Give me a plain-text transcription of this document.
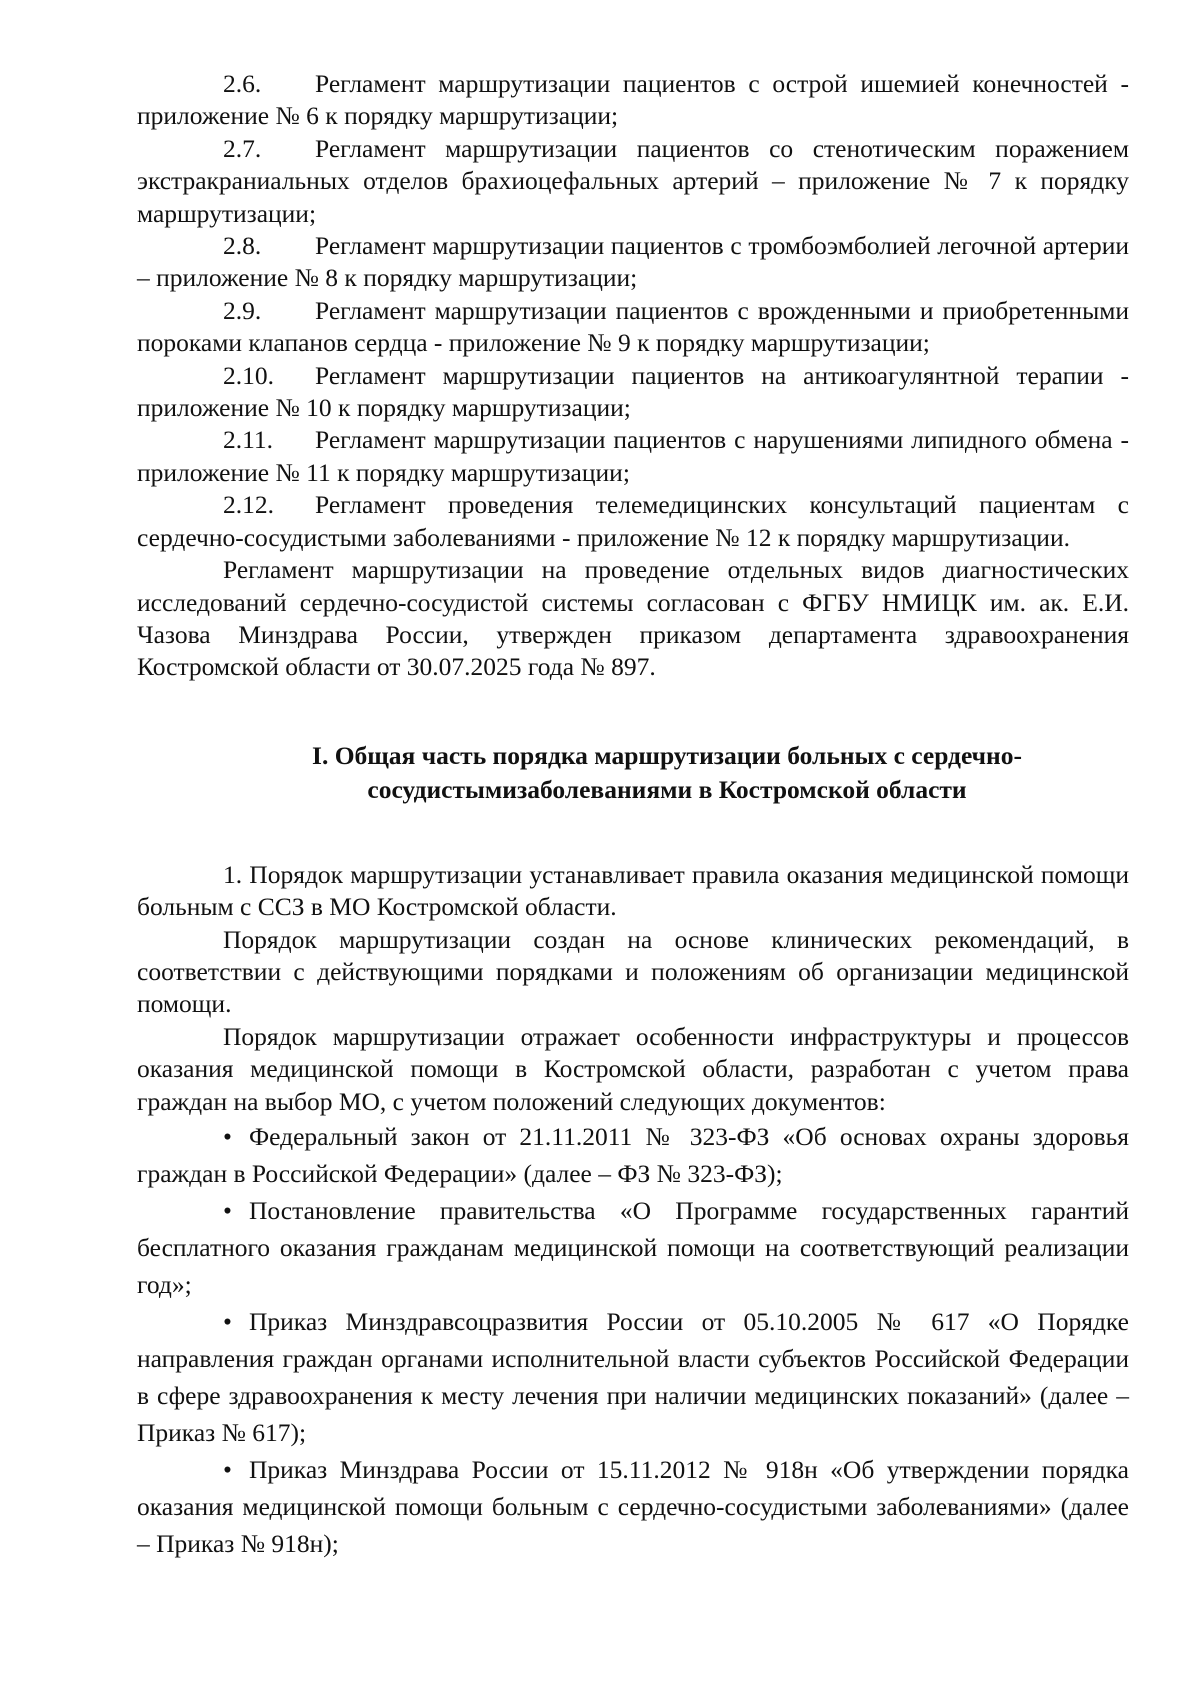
2.6. Регламент маршрутизации пациентов с острой ишемией конечностей - приложение № 6 к порядку маршрутизации;

2.7. Регламент маршрутизации пациентов со стенотическим поражением экстракраниальных отделов брахиоцефальных артерий – приложение № 7 к порядку маршрутизации;

2.8. Регламент маршрутизации пациентов с тромбоэмболией легочной артерии – приложение № 8 к порядку маршрутизации;

2.9. Регламент маршрутизации пациентов с врожденными и приобретенными пороками клапанов сердца - приложение № 9 к порядку маршрутизации;

2.10. Регламент маршрутизации пациентов на антикоагулянтной терапии - приложение № 10 к порядку маршрутизации;

2.11. Регламент маршрутизации пациентов с нарушениями липидного обмена - приложение № 11 к порядку маршрутизации;

2.12. Регламент проведения телемедицинских консультаций пациентам с сердечно-сосудистыми заболеваниями - приложение № 12 к порядку маршрутизации.

Регламент маршрутизации на проведение отдельных видов диагностических исследований сердечно-сосудистой системы согласован с ФГБУ НМИЦК им. ак. Е.И. Чазова Минздрава России, утвержден приказом департамента здравоохранения Костромской области от 30.07.2025 года № 897.

I. Общая часть порядка маршрутизации больных с сердечно-сосудистымизаболеваниями в Костромской области

1. Порядок маршрутизации устанавливает правила оказания медицинской помощи больным с ССЗ в МО Костромской области.

Порядок маршрутизации создан на основе клинических рекомендаций, в соответствии с действующими порядками и положениям об организации медицинской помощи.

Порядок маршрутизации отражает особенности инфраструктуры и процессов оказания медицинской помощи в Костромской области, разработан с учетом права граждан на выбор МО, с учетом положений следующих документов:

• Федеральный закон от 21.11.2011 № 323-ФЗ «Об основах охраны здоровья граждан в Российской Федерации» (далее – ФЗ № 323-ФЗ);

• Постановление правительства «О Программе государственных гарантий бесплатного оказания гражданам медицинской помощи на соответствующий реализации год»;

• Приказ Минздравсоцразвития России от 05.10.2005 № 617 «О Порядке направления граждан органами исполнительной власти субъектов Российской Федерации в сфере здравоохранения к месту лечения при наличии медицинских показаний» (далее – Приказ № 617);

• Приказ Минздрава России от 15.11.2012 № 918н «Об утверждении порядка оказания медицинской помощи больным с сердечно-сосудистыми заболеваниями» (далее – Приказ № 918н);
